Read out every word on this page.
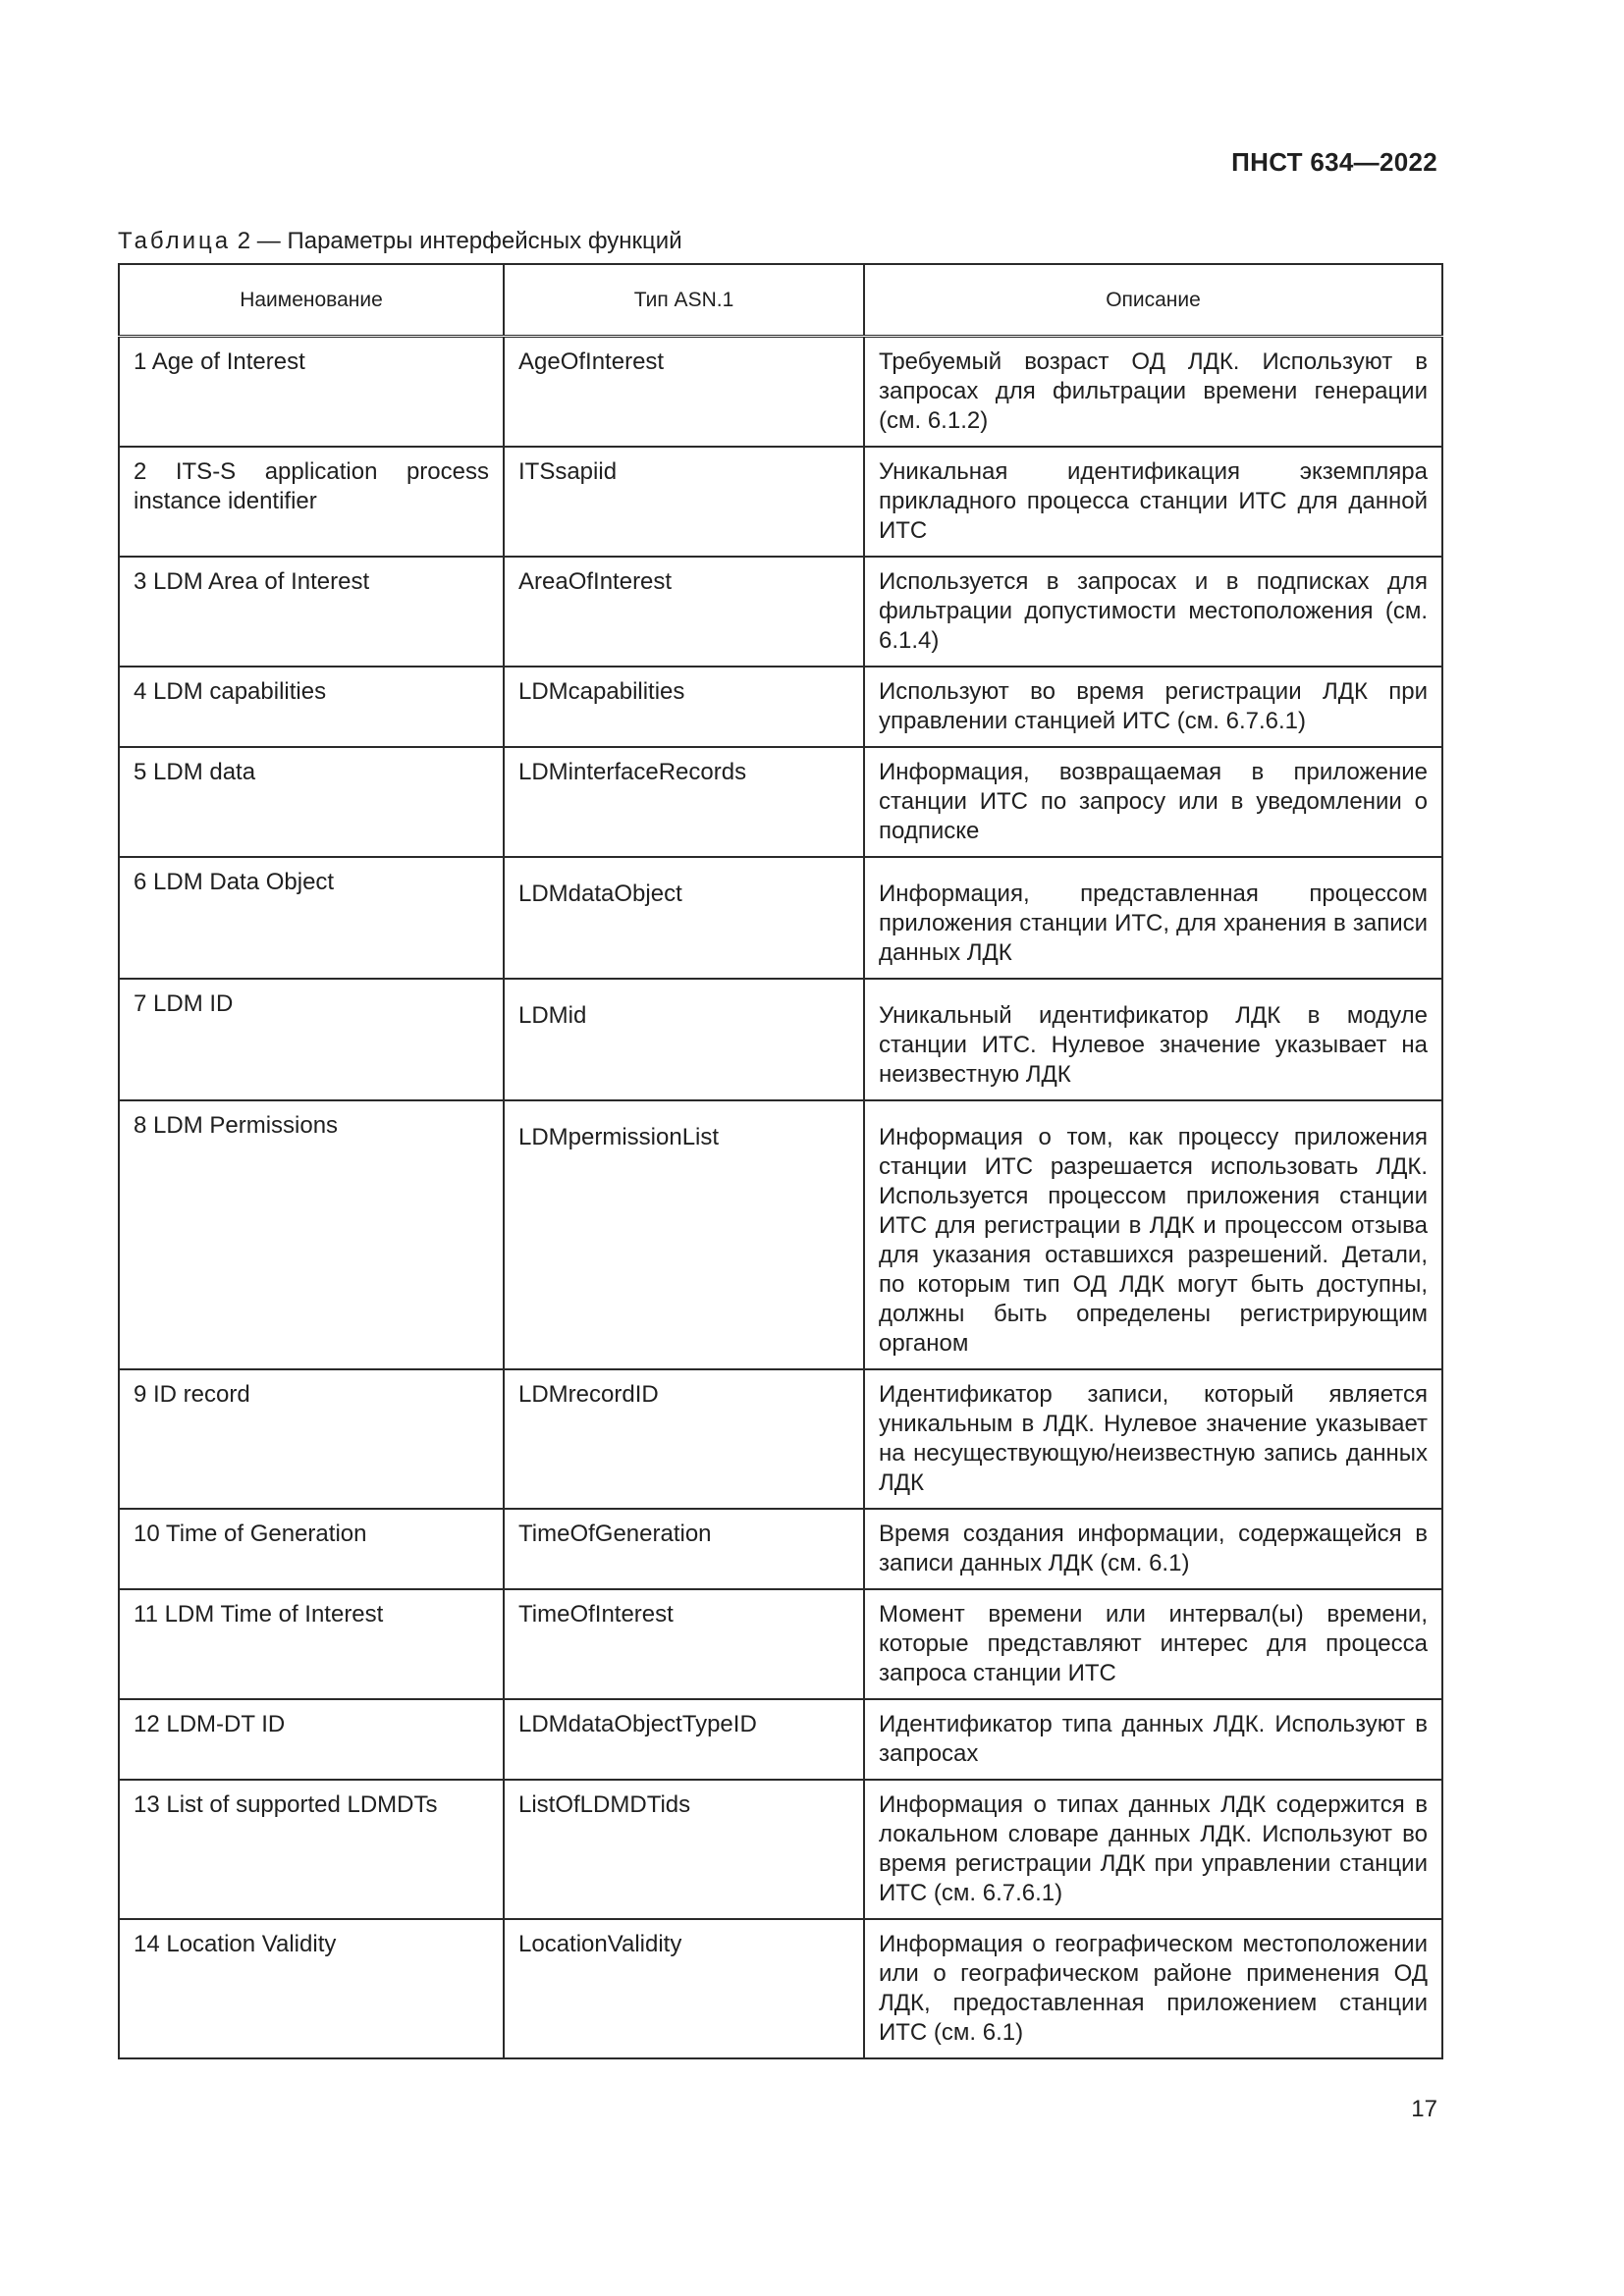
ПНСТ 634—2022
Таблица 2 — Параметры интерфейсных функций
Наименование	Тип ASN.1	Описание
1 Age of Interest	AgeOfInterest	Требуемый возраст ОД ЛДК. Используют в запросах для фильтрации времени генерации (см. 6.1.2)
2 ITS-S application process instance identifier	ITSsapiid	Уникальная идентификация экземпляра прикладного процесса станции ИТС для данной ИТС
3 LDM Area of Interest	AreaOfInterest	Используется в запросах и в подписках для фильтрации допустимости местоположения (см. 6.1.4)
4 LDM capabilities	LDMcapabilities	Используют во время регистрации ЛДК при управлении станцией ИТС (см. 6.7.6.1)
5 LDM data	LDMinterfaceRecords	Информация, возвращаемая в приложение станции ИТС по запросу или в уведомлении о подписке
6 LDM Data Object	LDMdataObject	Информация, представленная процессом приложения станции ИТС, для хранения в записи данных ЛДК
7 LDM ID	LDMid	Уникальный идентификатор ЛДК в модуле станции ИТС. Нулевое значение указывает на неизвестную ЛДК
8 LDM Permissions	LDMpermissionList	Информация о том, как процессу приложения станции ИТС разрешается использовать ЛДК. Используется процессом приложения станции ИТС для регистрации в ЛДК и процессом отзыва для указания оставшихся разрешений. Детали, по которым тип ОД ЛДК могут быть доступны, должны быть определены регистрирующим органом
9 ID record	LDMrecordID	Идентификатор записи, который является уникальным в ЛДК. Нулевое значение указывает на несуществующую/неизвестную запись данных ЛДК
10 Time of Generation	TimeOfGeneration	Время создания информации, содержащейся в записи данных ЛДК (см. 6.1)
11 LDM Time of Interest	TimeOfInterest	Момент времени или интервал(ы) времени, которые представляют интерес для процесса запроса станции ИТС
12 LDM-DT ID	LDMdataObjectTypeID	Идентификатор типа данных ЛДК. Используют в запросах
13 List of supported LDMDTs	ListOfLDMDTids	Информация о типах данных ЛДК содержится в локальном словаре данных ЛДК. Используют во время регистрации ЛДК при управлении станции ИТС (см. 6.7.6.1)
14 Location Validity	LocationValidity	Информация о географическом местоположении или о географическом районе применения ОД ЛДК, предоставленная приложением станции ИТС (см. 6.1)
17
